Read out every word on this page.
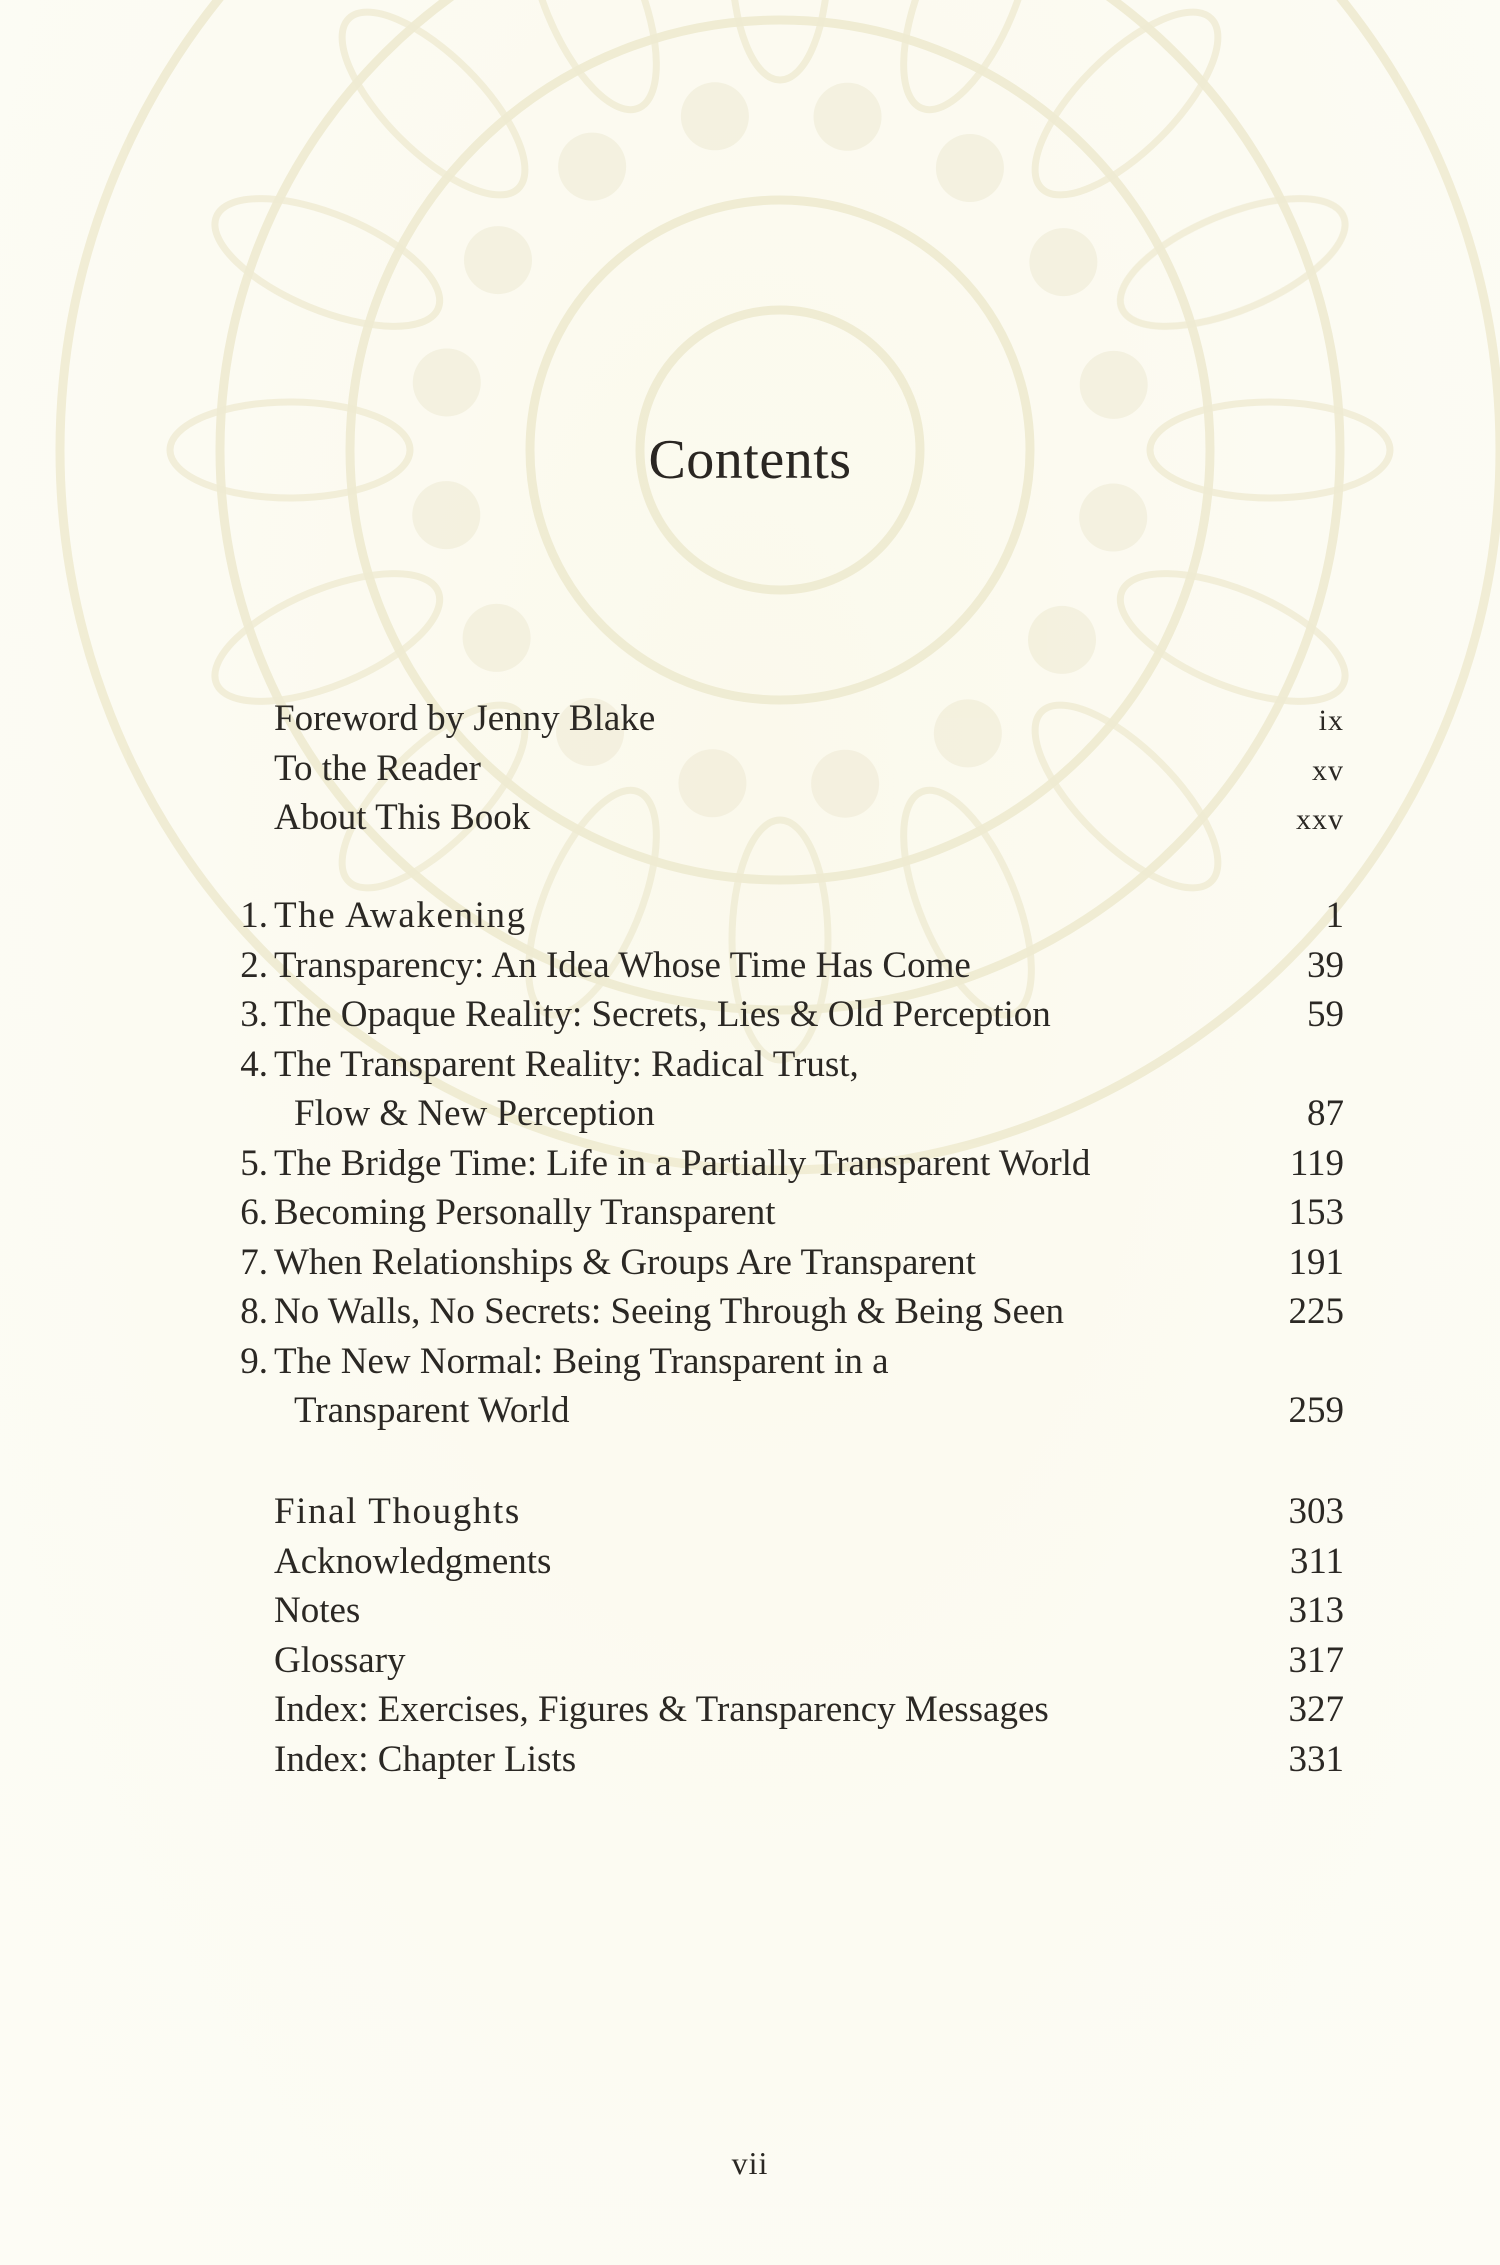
Contents
Foreword by Jenny Blake	ix
To the Reader	xv
About This Book	xxv
1. The Awakening	1
2. Transparency: An Idea Whose Time Has Come	39
3. The Opaque Reality: Secrets, Lies & Old Perception	59
4. The Transparent Reality: Radical Trust,
Flow & New Perception	87
5. The Bridge Time: Life in a Partially Transparent World	119
6. Becoming Personally Transparent	153
7. When Relationships & Groups Are Transparent	191
8. No Walls, No Secrets: Seeing Through & Being Seen	225
9. The New Normal: Being Transparent in a
Transparent World	259
Final Thoughts	303
Acknowledgments	311
Notes	313
Glossary	317
Index: Exercises, Figures & Transparency Messages	327
Index: Chapter Lists	331
vii
